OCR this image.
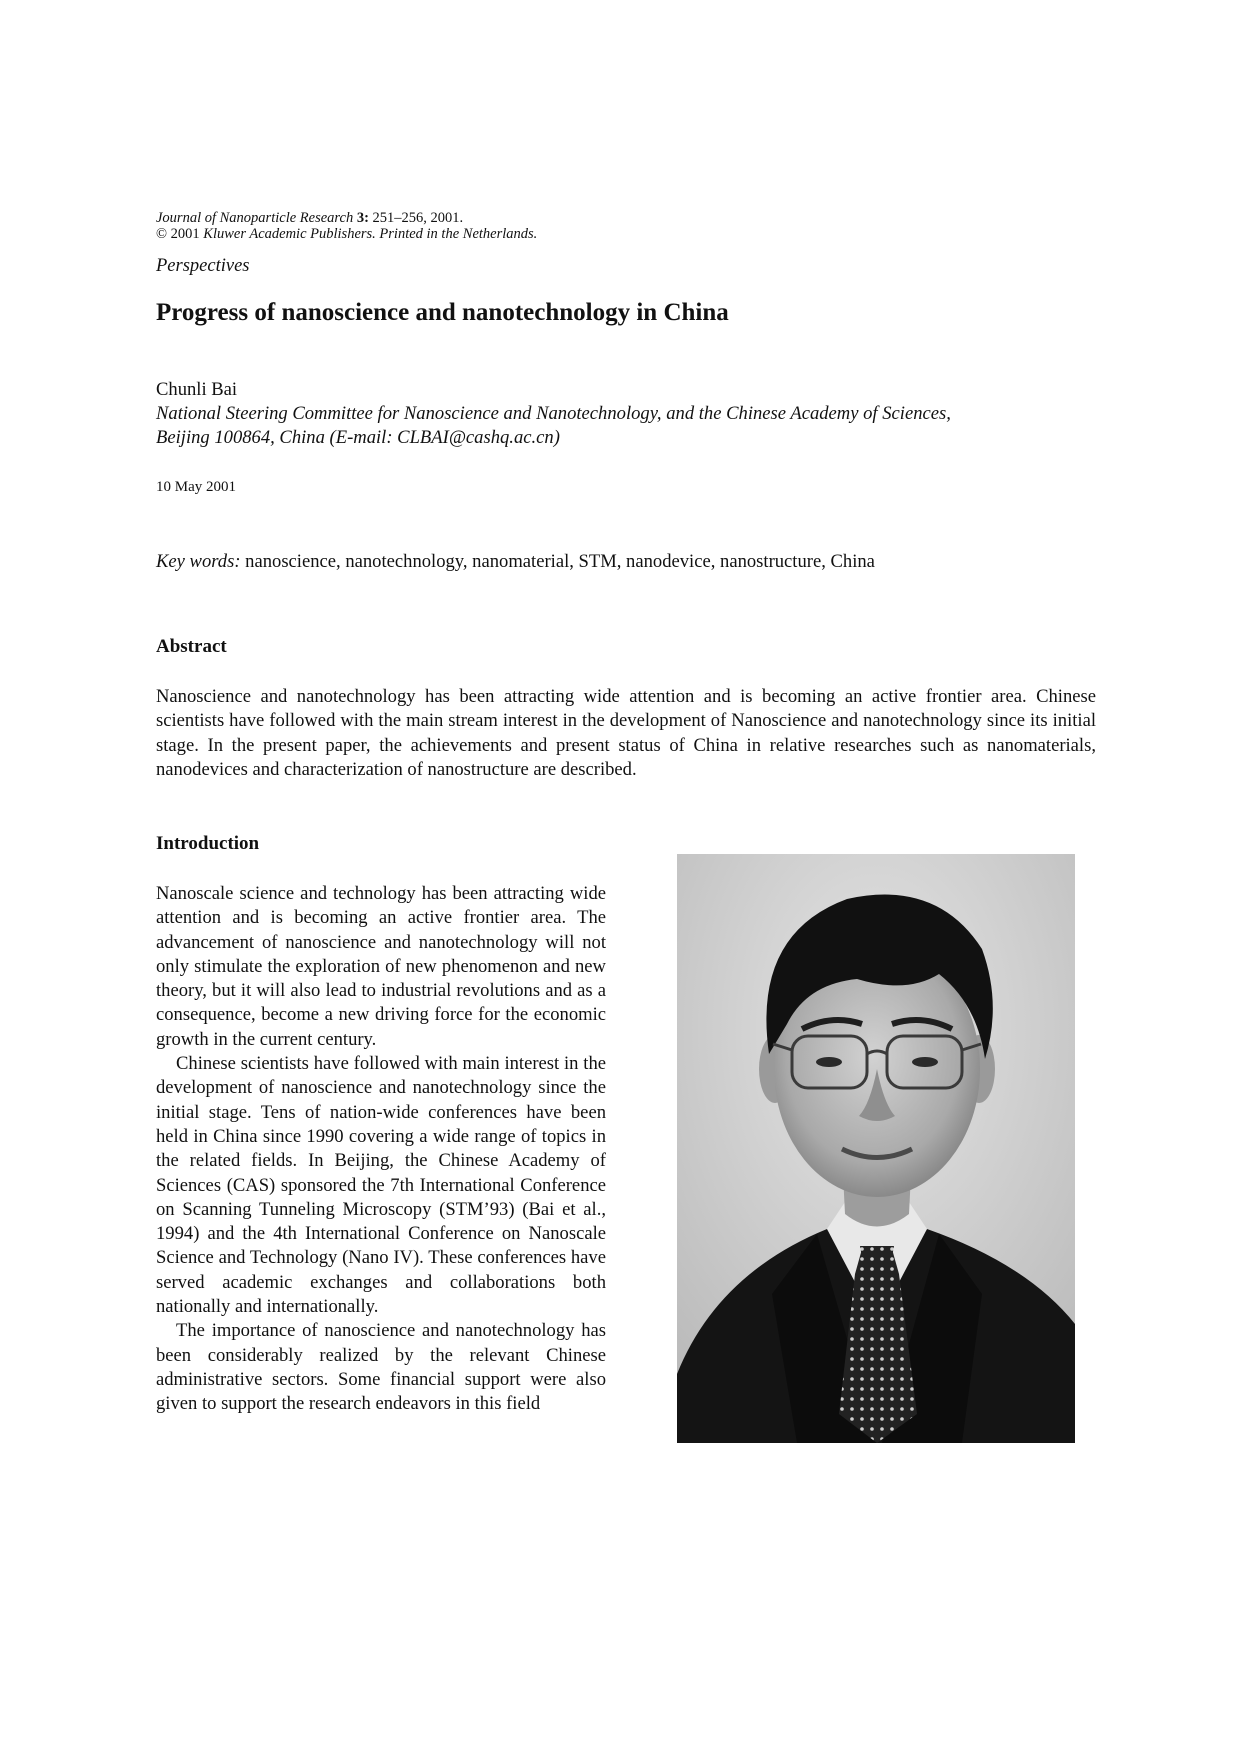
Journal of Nanoparticle Research 3: 251–256, 2001.
© 2001 Kluwer Academic Publishers. Printed in the Netherlands.
Perspectives
Progress of nanoscience and nanotechnology in China
Chunli Bai
National Steering Committee for Nanoscience and Nanotechnology, and the Chinese Academy of Sciences,
Beijing 100864, China (E-mail: CLBAI@cashq.ac.cn)
10 May 2001
Key words: nanoscience, nanotechnology, nanomaterial, STM, nanodevice, nanostructure, China
Abstract
Nanoscience and nanotechnology has been attracting wide attention and is becoming an active frontier area. Chinese scientists have followed with the main stream interest in the development of Nanoscience and nanotechnology since its initial stage. In the present paper, the achievements and present status of China in relative researches such as nanomaterials, nanodevices and characterization of nanostructure are described.
Introduction

Nanoscale science and technology has been attracting wide attention and is becoming an active frontier area. The advancement of nanoscience and nanotechnology will not only stimulate the exploration of new phenomenon and new theory, but it will also lead to industrial revolutions and as a consequence, become a new driving force for the economic growth in the current century.

Chinese scientists have followed with main interest in the development of nanoscience and nanotechnology since the initial stage. Tens of nation-wide conferences have been held in China since 1990 covering a wide range of topics in the related fields. In Beijing, the Chinese Academy of Sciences (CAS) sponsored the 7th International Conference on Scanning Tunneling Microscopy (STM’93) (Bai et al., 1994) and the 4th International Conference on Nanoscale Science and Technology (Nano IV). These conferences have served academic exchanges and collaborations both nationally and internationally.

The importance of nanoscience and nanotechnology has been considerably realized by the relevant Chinese administrative sectors. Some financial support were also given to support the research endeavors in this field
